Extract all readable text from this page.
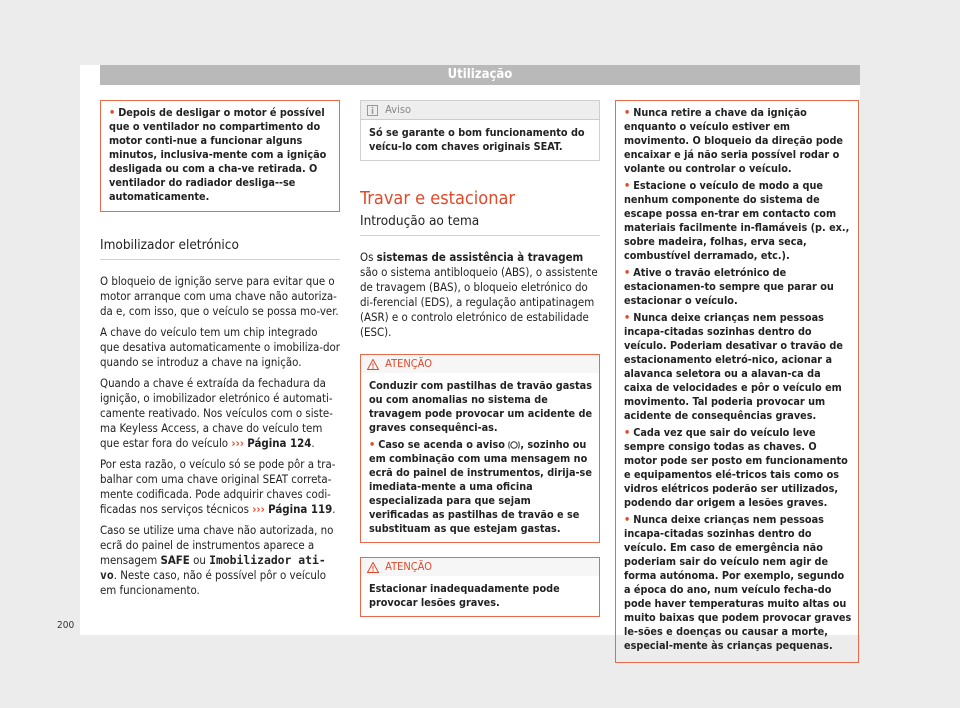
Utilização
• Depois de desligar o motor é possível que o ventilador no compartimento do motor conti-nue a funcionar alguns minutos, inclusiva-mente com a ignição desligada ou com a cha-ve retirada. O ventilador do radiador desliga--se automaticamente.
Imobilizador eletrónico

O bloqueio de ignição serve para evitar que o motor arranque com uma chave não autoriza-da e, com isso, que o veículo se possa mo-ver.

A chave do veículo tem um chip integrado que desativa automaticamente o imobiliza-dor quando se introduz a chave na ignição.

Quando a chave é extraída da fechadura da ignição, o imobilizador eletrónico é automati-camente reativado. Nos veículos com o siste-ma Keyless Access, a chave do veículo tem que estar fora do veículo ››› Página 124.

Por esta razão, o veículo só se pode pôr a tra-balhar com uma chave original SEAT correta-mente codificada. Pode adquirir chaves codi-ficadas nos serviços técnicos ››› Página 119.

Caso se utilize uma chave não autorizada, no ecrã do painel de instrumentos aparece a mensagem SAFE ou Imobilizador ati-vo. Neste caso, não é possível pôr o veículo em funcionamento.

Aviso
Só se garante o bom funcionamento do veícu-lo com chaves originais SEAT.
Travar e estacionar
Introdução ao tema

Os sistemas de assistência à travagem são o sistema antibloqueio (ABS), o assistente de travagem (BAS), o bloqueio eletrónico do di-ferencial (EDS), a regulação antipatinagem (ASR) e o controlo eletrónico de estabilidade (ESC).

ATENÇÃO
Conduzir com pastilhas de travão gastas ou com anomalias no sistema de travagem pode provocar um acidente de graves consequênci-as.
• Caso se acenda o aviso , sozinho ou em combinação com uma mensagem no ecrã do painel de instrumentos, dirija-se imediata-mente a uma oficina especializada para que sejam verificadas as pastilhas de travão e se substituam as que estejam gastas.
ATENÇÃO
Estacionar inadequadamente pode provocar lesões graves.
• Nunca retire a chave da ignição enquanto o veículo estiver em movimento. O bloqueio da direção pode encaixar e já não seria possível rodar o volante ou controlar o veículo.
• Estacione o veículo de modo a que nenhum componente do sistema de escape possa en-trar em contacto com materiais facilmente in-flamáveis (p. ex., sobre madeira, folhas, erva seca, combustível derramado, etc.).
• Ative o travão eletrónico de estacionamen-to sempre que parar ou estacionar o veículo.
• Nunca deixe crianças nem pessoas incapa-citadas sozinhas dentro do veículo. Poderiam desativar o travão de estacionamento eletró-nico, acionar a alavanca seletora ou a alavan-ca da caixa de velocidades e pôr o veículo em movimento. Tal poderia provocar um acidente de consequências graves.
• Cada vez que sair do veículo leve sempre consigo todas as chaves. O motor pode ser posto em funcionamento e equipamentos elé-tricos tais como os vidros elétricos poderão ser utilizados, podendo dar origem a lesões graves.
• Nunca deixe crianças nem pessoas incapa-citadas sozinhas dentro do veículo. Em caso de emergência não poderiam sair do veículo nem agir de forma autónoma. Por exemplo, segundo a época do ano, num veículo fecha-do pode haver temperaturas muito altas ou muito baixas que podem provocar graves le-sões e doenças ou causar a morte, especial-mente às crianças pequenas.
200
